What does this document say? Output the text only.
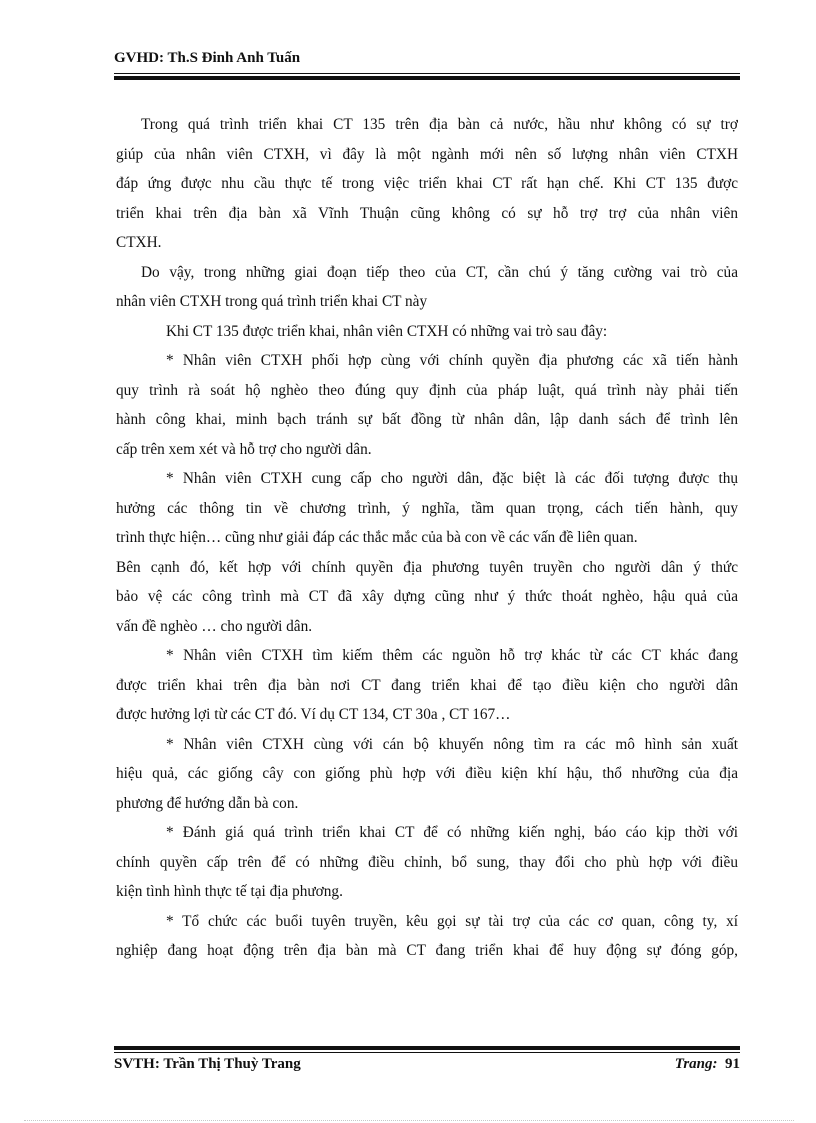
GVHD: Th.S Đinh Anh Tuấn
Trong quá trình triển khai CT 135 trên địa bàn cả nước, hầu như không có sự trợ
giúp của nhân viên CTXH, vì đây là một ngành mới nên số lượng nhân viên CTXH
đáp ứng được nhu cầu thực tế trong việc triển khai CT rất hạn chế. Khi CT 135 được
triển khai trên địa bàn xã Vĩnh Thuận cũng không có sự hỗ trợ trợ của nhân viên
CTXH.
Do vậy, trong những giai đoạn tiếp theo của CT, cần chú ý tăng cường vai trò của
nhân viên CTXH trong quá trình triển khai CT này
Khi CT 135 được triển khai, nhân viên CTXH có những vai trò sau đây:
* Nhân viên CTXH phối hợp cùng với chính quyền địa phương các xã tiến hành
quy trình rà soát hộ nghèo theo đúng quy định của pháp luật, quá trình này phải tiến
hành công khai, minh bạch tránh sự bất đồng từ nhân dân, lập danh sách để trình lên
cấp trên xem xét và hỗ trợ cho người dân.
* Nhân viên CTXH cung cấp cho người dân, đặc biệt là các đối tượng được thụ
hưởng các thông tin về chương trình, ý nghĩa, tầm quan trọng, cách tiến hành, quy
trình thực hiện… cũng như giải đáp các thắc mắc của bà con về các vấn đề liên quan.
Bên cạnh đó, kết hợp với chính quyền địa phương tuyên truyền cho người dân ý thức
bảo vệ các công trình mà CT đã xây dựng cũng như ý thức thoát nghèo, hậu quả của
vấn đề nghèo … cho người dân.
* Nhân viên CTXH tìm kiếm thêm các nguồn hỗ trợ khác từ các CT khác đang
được triển khai trên địa bàn nơi CT đang triển khai để tạo điều kiện cho người dân
được hưởng lợi từ các CT đó. Ví dụ CT 134, CT 30a , CT 167…
* Nhân viên CTXH cùng với cán bộ khuyến nông tìm ra các mô hình sản xuất
hiệu quả, các giống cây con giống phù hợp với điều kiện khí hậu, thổ nhưỡng của địa
phương để hướng dẫn bà con.
* Đánh giá quá trình triển khai CT để có những kiến nghị, báo cáo kịp thời với
chính quyền cấp trên để có những điều chỉnh, bổ sung, thay đổi cho phù hợp với điều
kiện tình hình thực tế tại địa phương.
* Tổ chức các buổi tuyên truyền, kêu gọi sự tài trợ của các cơ quan, công ty, xí
nghiệp đang hoạt động trên địa bàn mà CT đang triển khai để huy động sự đóng góp,
SVTH: Trần Thị Thuỳ Trang	Trang: 91
